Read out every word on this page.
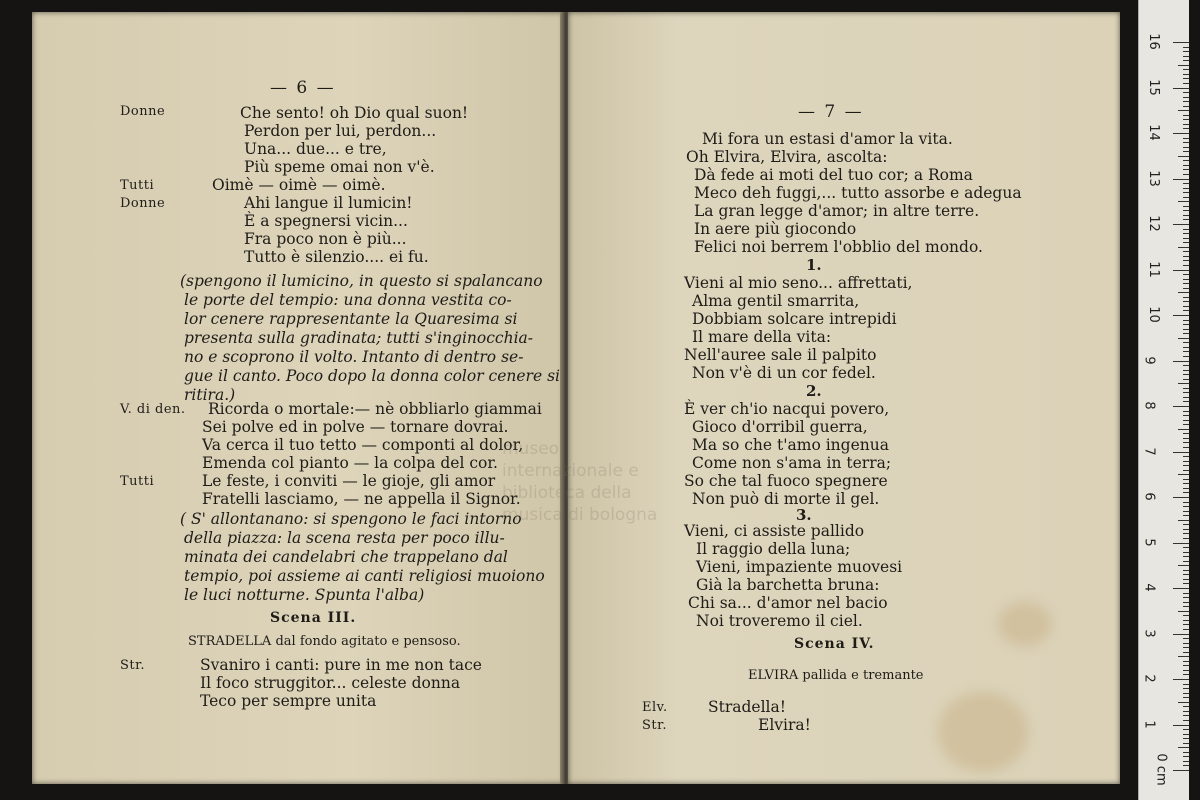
— 6 —
Donne	Che sento! oh Dio qual suon!
Perdon per lui, perdon...
Una... due... e tre,
Più speme omai non v'è.
Tutti	Oimè — oimè — oimè.
Donne	Ahi langue il lumicin!
È a spegnersi vicin...
Fra poco non è più...
Tutto è silenzio.... ei fu.
(spengono il lumicino, in questo si spalancano
le porte del tempio: una donna vestita co-
lor cenere rappresentante la Quaresima si
presenta sulla gradinata; tutti s'inginocchia-
no e scoprono il volto. Intanto di dentro se-
gue il canto. Poco dopo la donna color cenere si
ritira.)
V. di den. Ricorda o mortale:— nè obbliarlo giammai
Sei polve ed in polve — tornare dovrai.
Va cerca il tuo tetto — componti al dolor,
Emenda col pianto — la colpa del cor.
Tutti	Le feste, i conviti — le gioje, gli amor
Fratelli lasciamo, — ne appella il Signor.
( S' allontanano: si spengono le faci intorno
della piazza: la scena resta per poco illu-
minata dei candelabri che trappelano dal
tempio, poi assieme ai canti religiosi muoiono
le luci notturne. Spunta l'alba)
Scena III.
STRADELLA dal fondo agitato e pensoso.
Str.	Svaniro i canti: pure in me non tace
Il foco struggitor... celeste donna
Teco per sempre unita
— 7 —
Mi fora un estasi d'amor la vita.
Oh Elvira, Elvira, ascolta:
Dà fede ai moti del tuo cor; a Roma
Meco deh fuggi,... tutto assorbe e adegua
La gran legge d'amor; in altre terre.
In aere più giocondo
Felici noi berrem l'obblio del mondo.
1.
Vieni al mio seno... affrettati,
Alma gentil smarrita,
Dobbiam solcare intrepidi
Il mare della vita:
Nell'auree sale il palpito
Non v'è di un cor fedel.
2.
È ver ch'io nacqui povero,
Gioco d'orribil guerra,
Ma so che t'amo ingenua
Come non s'ama in terra;
So che tal fuoco spegnere
Non può di morte il gel.
3.
Vieni, ci assiste pallido
Il raggio della luna;
Vieni, impaziente muovesi
Già la barchetta bruna:
Chi sa... d'amor nel bacio
Noi troveremo il ciel.
Scena IV.
ELVIRA pallida e tremante
Elv.	Stradella!
Str.	Elvira!
museo internazionale e biblioteca della musica di bologna
0 cm
1
2
3
4
5
6
7
8
9
10
11
12
13
14
15
16
